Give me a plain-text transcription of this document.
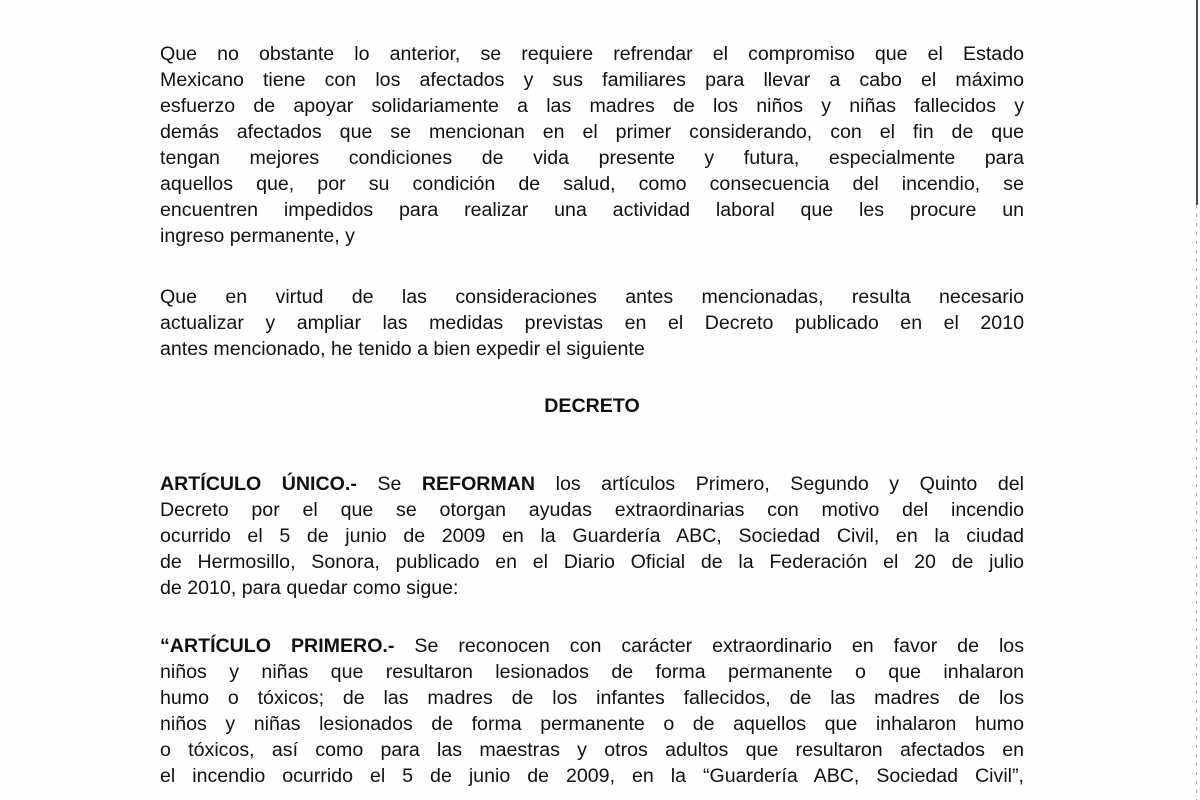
Que no obstante lo anterior, se requiere refrendar el compromiso que el Estado
Mexicano tiene con los afectados y sus familiares para llevar a cabo el máximo
esfuerzo de apoyar solidariamente a las madres de los niños y niñas fallecidos y
demás afectados que se mencionan en el primer considerando, con el fin de que
tengan mejores condiciones de vida presente y futura, especialmente para
aquellos que, por su condición de salud, como consecuencia del incendio, se
encuentren impedidos para realizar una actividad laboral que les procure un
ingreso permanente, y
Que en virtud de las consideraciones antes mencionadas, resulta necesario
actualizar y ampliar las medidas previstas en el Decreto publicado en el 2010
antes mencionado, he tenido a bien expedir el siguiente
DECRETO
ARTÍCULO ÚNICO.- Se REFORMAN los artículos Primero, Segundo y Quinto del
Decreto por el que se otorgan ayudas extraordinarias con motivo del incendio
ocurrido el 5 de junio de 2009 en la Guardería ABC, Sociedad Civil, en la ciudad
de Hermosillo, Sonora, publicado en el Diario Oficial de la Federación el 20 de julio
de 2010, para quedar como sigue:
“ARTÍCULO PRIMERO.- Se reconocen con carácter extraordinario en favor de los
niños y niñas que resultaron lesionados de forma permanente o que inhalaron
humo o tóxicos; de las madres de los infantes fallecidos, de las madres de los
niños y niñas lesionados de forma permanente o de aquellos que inhalaron humo
o tóxicos, así como para las maestras y otros adultos que resultaron afectados en
el incendio ocurrido el 5 de junio de 2009, en la “Guardería ABC, Sociedad Civil”,
